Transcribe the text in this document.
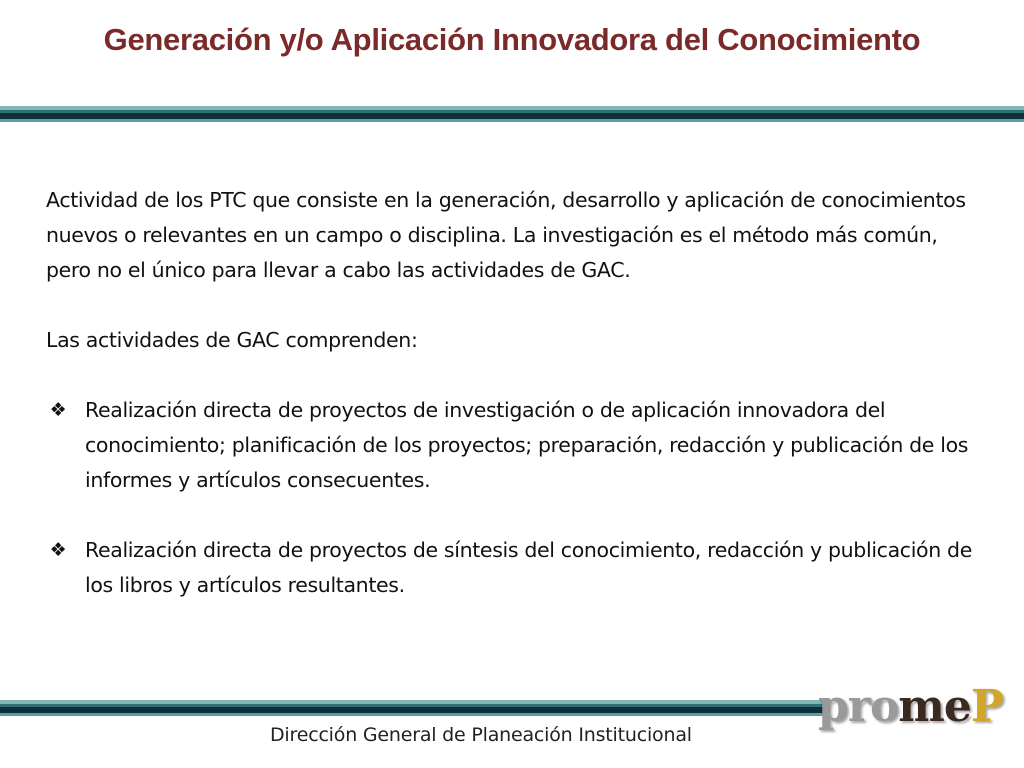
Generación y/o Aplicación Innovadora del Conocimiento

Actividad de los PTC que consiste en la generación, desarrollo y aplicación de conocimientos nuevos o relevantes en un campo o disciplina. La investigación es el método más común, pero no el único para llevar a cabo las actividades de GAC.

Las actividades de GAC comprenden:

❖ Realización directa de proyectos de investigación o de aplicación innovadora del conocimiento; planificación de los proyectos; preparación, redacción y publicación de los informes y artículos consecuentes.
❖ Realización directa de proyectos de síntesis del conocimiento, redacción y publicación de los libros y artículos resultantes.
promeP
Dirección General de Planeación Institucional
